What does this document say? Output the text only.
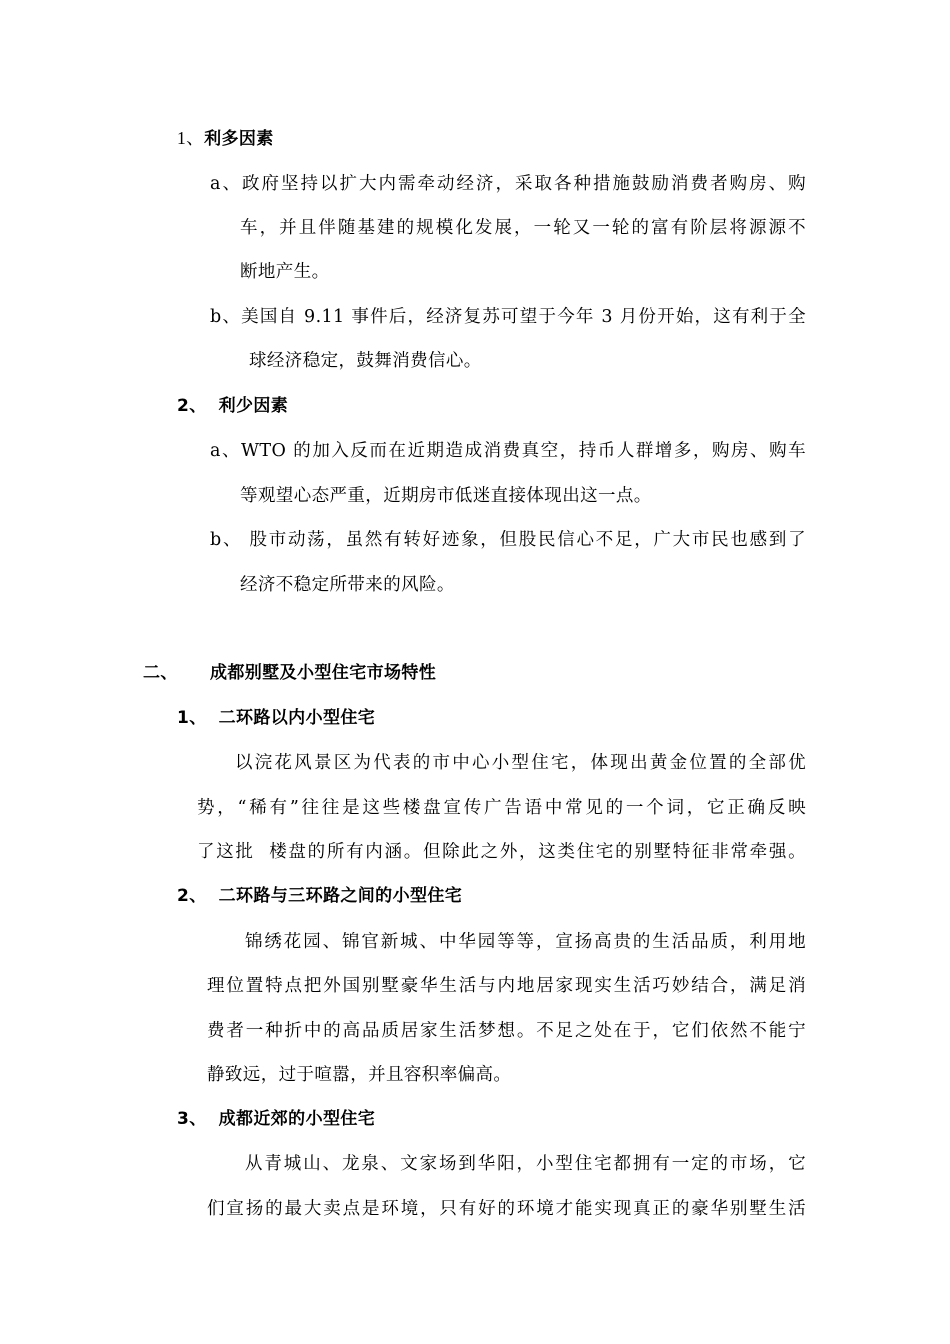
1、利多因素
a、政府坚持以扩大内需牵动经济，采取各种措施鼓励消费者购房、购
车，并且伴随基建的规模化发展，一轮又一轮的富有阶层将源源不
断地产生。
b、美国自 9.11 事件后，经济复苏可望于今年 3 月份开始，这有利于全
球经济稳定，鼓舞消费信心。
2、 利少因素
a、WTO 的加入反而在近期造成消费真空，持币人群增多，购房、购车
等观望心态严重，近期房市低迷直接体现出这一点。
b、 股市动荡，虽然有转好迹象，但股民信心不足，广大市民也感到了
经济不稳定所带来的风险。
二、 成都别墅及小型住宅市场特性
1、 二环路以内小型住宅
以浣花风景区为代表的市中心小型住宅，体现出黄金位置的全部优
势，“稀有”往往是这些楼盘宣传广告语中常见的一个词，它正确反映
了这批  楼盘的所有内涵。但除此之外，这类住宅的别墅特征非常牵强。
2、 二环路与三环路之间的小型住宅
锦绣花园、锦官新城、中华园等等，宣扬高贵的生活品质，利用地
理位置特点把外国别墅豪华生活与内地居家现实生活巧妙结合，满足消
费者一种折中的高品质居家生活梦想。不足之处在于，它们依然不能宁
静致远，过于喧嚣，并且容积率偏高。
3、 成都近郊的小型住宅
从青城山、龙泉、文家场到华阳，小型住宅都拥有一定的市场，它
们宣扬的最大卖点是环境，只有好的环境才能实现真正的豪华别墅生活
